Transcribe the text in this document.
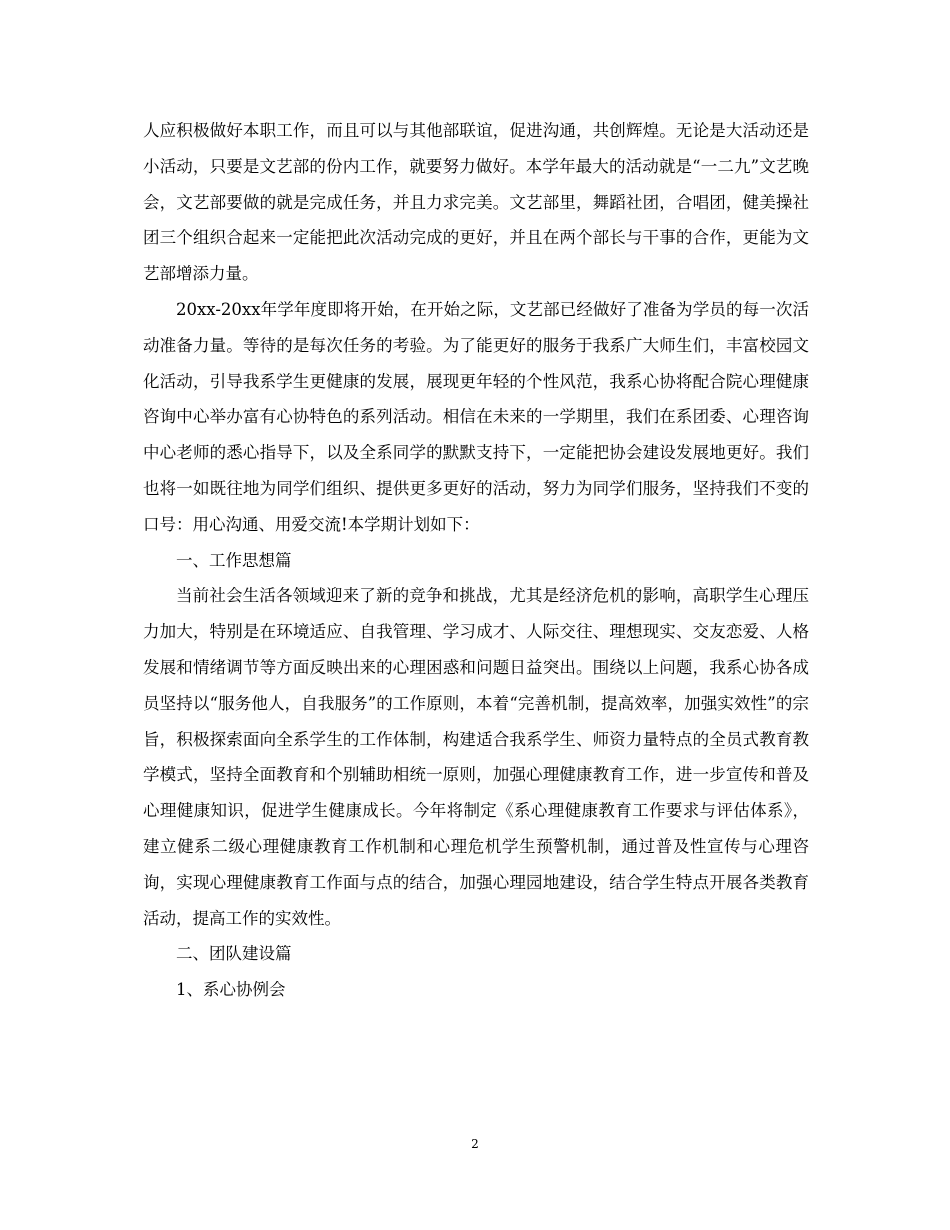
人应积极做好本职工作，而且可以与其他部联谊，促进沟通，共创辉煌。无论是大活动还是小活动，只要是文艺部的份内工作，就要努力做好。本学年最大的活动就是“一二九”文艺晚会，文艺部要做的就是完成任务，并且力求完美。文艺部里，舞蹈社团，合唱团，健美操社团三个组织合起来一定能把此次活动完成的更好，并且在两个部长与干事的合作，更能为文艺部增添力量。

20xx-20xx年学年度即将开始，在开始之际，文艺部已经做好了准备为学员的每一次活动准备力量。等待的是每次任务的考验。为了能更好的服务于我系广大师生们，丰富校园文化活动，引导我系学生更健康的发展，展现更年轻的个性风范，我系心协将配合院心理健康咨询中心举办富有心协特色的系列活动。相信在未来的一学期里，我们在系团委、心理咨询中心老师的悉心指导下，以及全系同学的默默支持下，一定能把协会建设发展地更好。我们也将一如既往地为同学们组织、提供更多更好的活动，努力为同学们服务，坚持我们不变的口号：用心沟通、用爱交流!本学期计划如下：

一、工作思想篇

当前社会生活各领域迎来了新的竞争和挑战，尤其是经济危机的影响，高职学生心理压力加大，特别是在环境适应、自我管理、学习成才、人际交往、理想现实、交友恋爱、人格发展和情绪调节等方面反映出来的心理困惑和问题日益突出。围绕以上问题，我系心协各成员坚持以“服务他人，自我服务”的工作原则，本着“完善机制，提高效率，加强实效性”的宗旨，积极探索面向全系学生的工作体制，构建适合我系学生、师资力量特点的全员式教育教学模式，坚持全面教育和个别辅助相统一原则，加强心理健康教育工作，进一步宣传和普及心理健康知识，促进学生健康成长。今年将制定《系心理健康教育工作要求与评估体系》，建立健系二级心理健康教育工作机制和心理危机学生预警机制，通过普及性宣传与心理咨询，实现心理健康教育工作面与点的结合，加强心理园地建设，结合学生特点开展各类教育活动，提高工作的实效性。

二、团队建设篇

1、系心协例会

2
